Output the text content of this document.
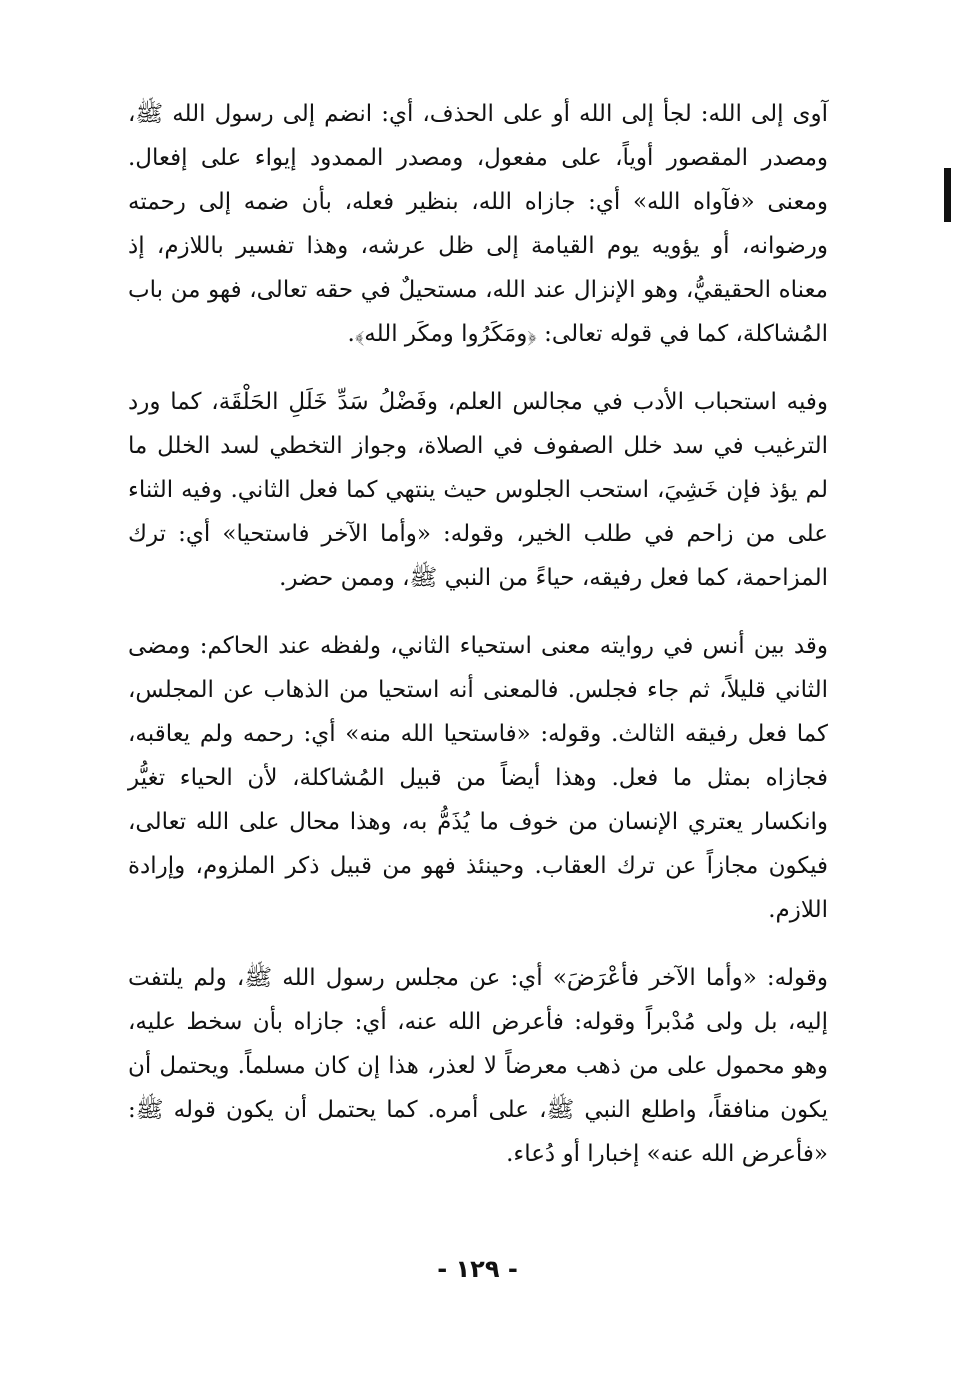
آوى إلى الله: لجأ إلى الله أو على الحذف، أي: انضم إلى رسول الله ﷺ، ومصدر المقصور أوياً، على مفعول، ومصدر الممدود إيواء على إفعال. ومعنى «فآواه الله» أي: جازاه الله، بنظير فعله، بأن ضمه إلى رحمته ورضوانه، أو يؤويه يوم القيامة إلى ظل عرشه، وهذا تفسير باللازم، إذ معناه الحقيقيُّ، وهو الإنزال عند الله، مستحيلٌ في حقه تعالى، فهو من باب المُشاكلة، كما في قوله تعالى: ﴿ومَكَرُوا ومكَر الله﴾.

وفيه استحباب الأدب في مجالس العلم، وفَضْلُ سَدِّ خَلَلِ الحَلْقَة، كما ورد الترغيب في سد خلل الصفوف في الصلاة، وجواز التخطي لسد الخلل ما لم يؤذ فإن خَشِيَ، استحب الجلوس حيث ينتهي كما فعل الثاني. وفيه الثناء على من زاحم في طلب الخير، وقوله: «وأما الآخر فاستحيا» أي: ترك المزاحمة، كما فعل رفيقه، حياءً من النبي ﷺ، وممن حضر.

وقد بين أنس في روايته معنى استحياء الثاني، ولفظه عند الحاكم: ومضى الثاني قليلاً، ثم جاء فجلس. فالمعنى أنه استحيا من الذهاب عن المجلس، كما فعل رفيقه الثالث. وقوله: «فاستحيا الله منه» أي: رحمه ولم يعاقبه، فجازاه بمثل ما فعل. وهذا أيضاً من قبيل المُشاكلة، لأن الحياء تغيُّر وانكسار يعتري الإنسان من خوف ما يُذَمُّ به، وهذا محال على الله تعالى، فيكون مجازاً عن ترك العقاب. وحينئذ فهو من قبيل ذكر الملزوم، وإرادة اللازم.

وقوله: «وأما الآخر فأعْرَضَ» أي: عن مجلس رسول الله ﷺ، ولم يلتفت إليه، بل ولى مُدْبراً وقوله: فأعرض الله عنه، أي: جازاه بأن سخط عليه، وهو محمول على من ذهب معرضاً لا لعذر، هذا إن كان مسلماً. ويحتمل أن يكون منافقاً، واطلع النبي ﷺ، على أمره. كما يحتمل أن يكون قوله ﷺ: «فأعرض الله عنه» إخبارا أو دُعاء.

- ١٢٩ -
